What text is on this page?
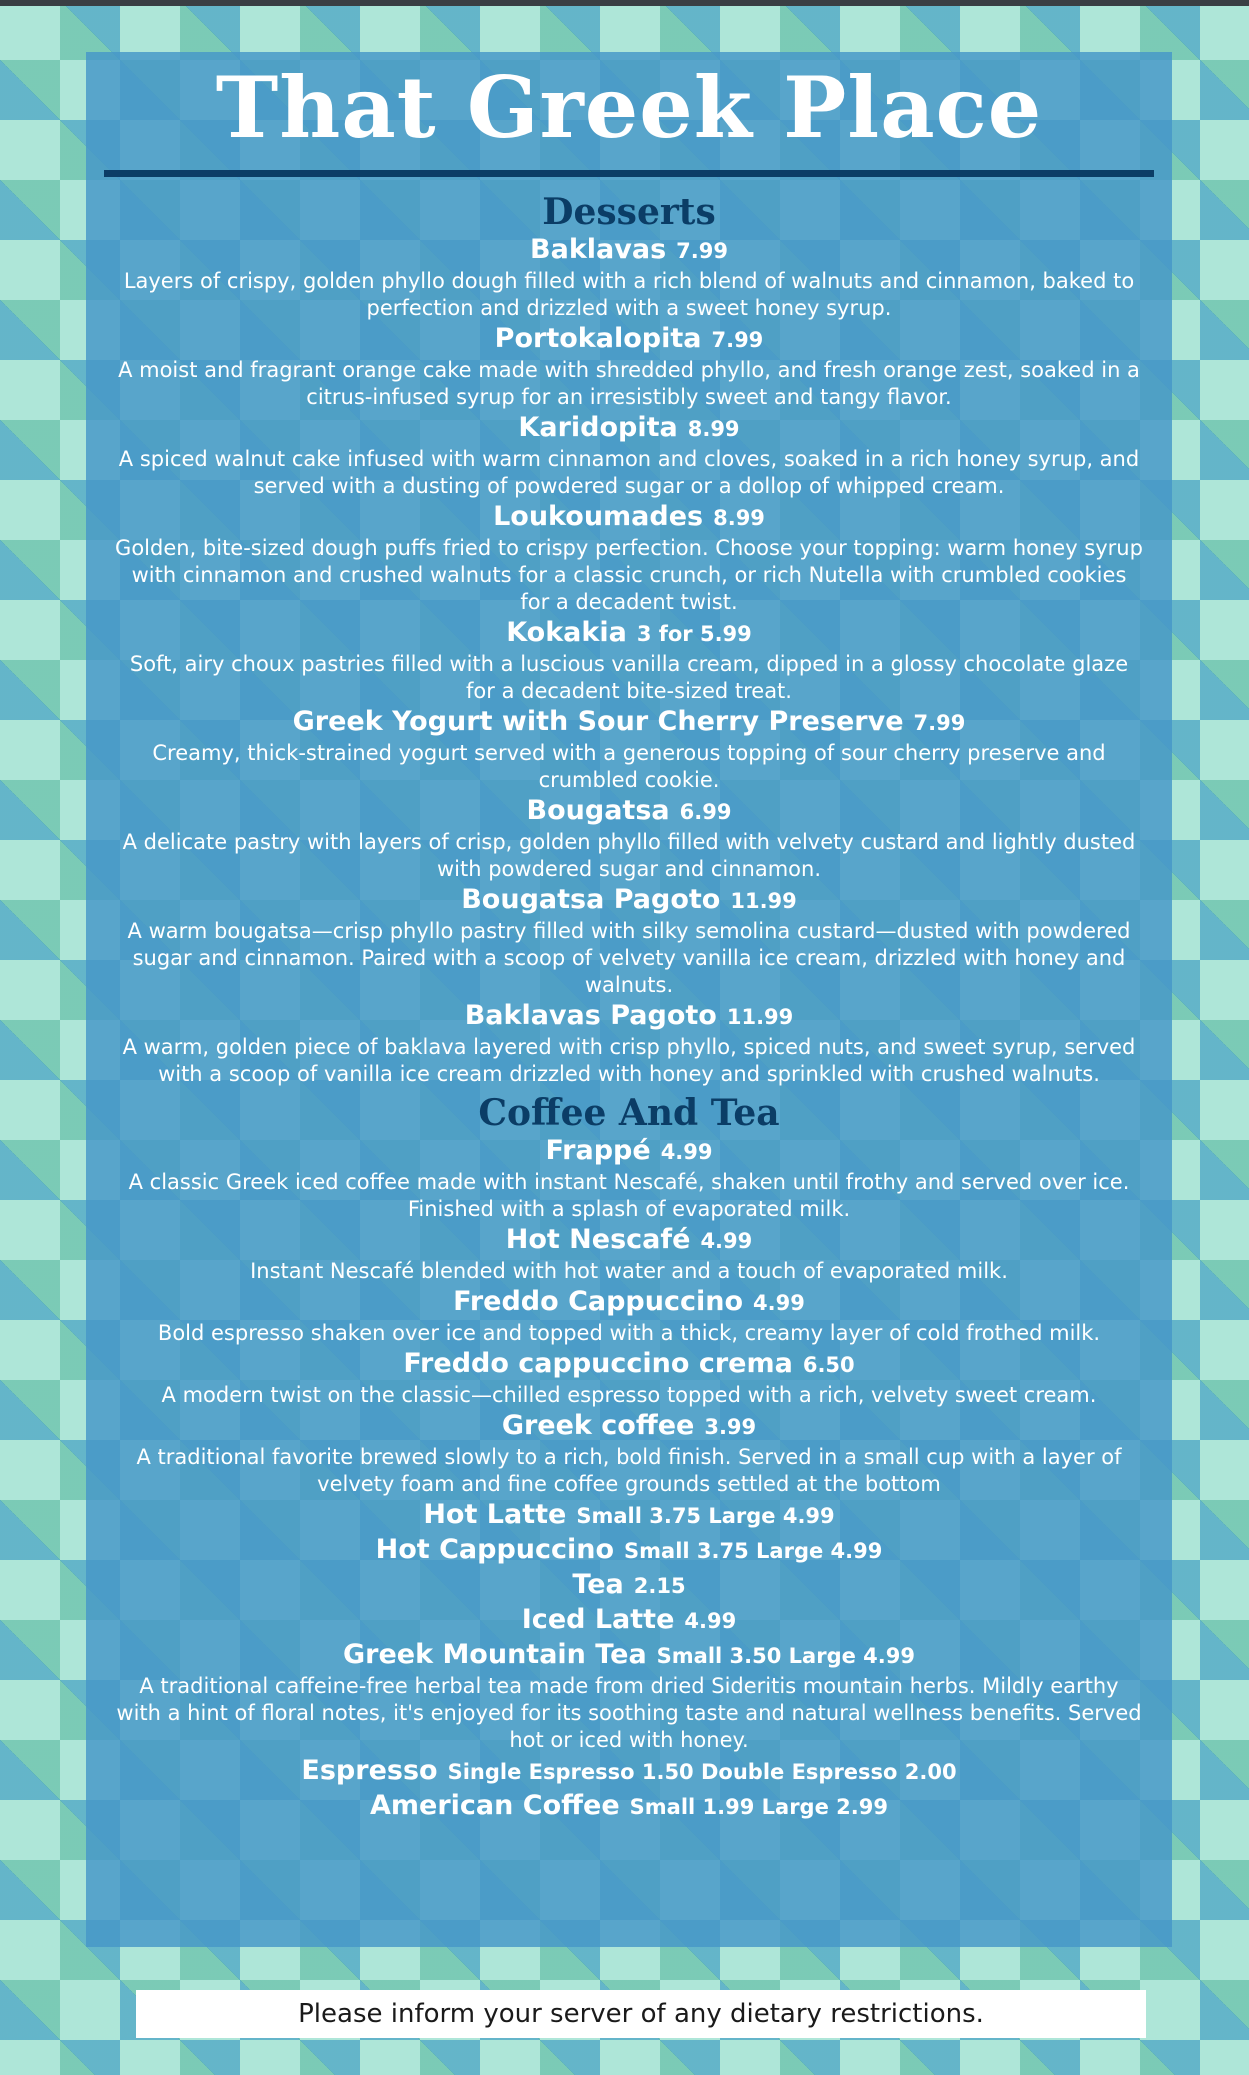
That Greek Place
Desserts
Baklavas 7.99
Layers of crispy, golden phyllo dough filled with a rich blend of walnuts and cinnamon, baked to perfection and drizzled with a sweet honey syrup.
Portokalopita 7.99
A moist and fragrant orange cake made with shredded phyllo, and fresh orange zest, soaked in a citrus-infused syrup for an irresistibly sweet and tangy flavor.
Karidopita 8.99
A spiced walnut cake infused with warm cinnamon and cloves, soaked in a rich honey syrup, and served with a dusting of powdered sugar or a dollop of whipped cream.
Loukoumades 8.99
Golden, bite-sized dough puffs fried to crispy perfection. Choose your topping: warm honey syrup with cinnamon and crushed walnuts for a classic crunch, or rich Nutella with crumbled cookies for a decadent twist.
Kokakia 3 for 5.99
Soft, airy choux pastries filled with a luscious vanilla cream, dipped in a glossy chocolate glaze for a decadent bite-sized treat.
Greek Yogurt with Sour Cherry Preserve 7.99
Creamy, thick-strained yogurt served with a generous topping of sour cherry preserve and crumbled cookie.
Bougatsa 6.99
A delicate pastry with layers of crisp, golden phyllo filled with velvety custard and lightly dusted with powdered sugar and cinnamon.
Bougatsa Pagoto 11.99
A warm bougatsa—crisp phyllo pastry filled with silky semolina custard—dusted with powdered sugar and cinnamon. Paired with a scoop of velvety vanilla ice cream, drizzled with honey and walnuts.
Baklavas Pagoto 11.99
A warm, golden piece of baklava layered with crisp phyllo, spiced nuts, and sweet syrup, served with a scoop of vanilla ice cream drizzled with honey and sprinkled with crushed walnuts.
Coffee And Tea
Frappé 4.99
A classic Greek iced coffee made with instant Nescafé, shaken until frothy and served over ice. Finished with a splash of evaporated milk.
Hot Nescafé 4.99
Instant Nescafé blended with hot water and a touch of evaporated milk.
Freddo Cappuccino 4.99
Bold espresso shaken over ice and topped with a thick, creamy layer of cold frothed milk.
Freddo cappuccino crema 6.50
A modern twist on the classic—chilled espresso topped with a rich, velvety sweet cream.
Greek coffee 3.99
A traditional favorite brewed slowly to a rich, bold finish. Served in a small cup with a layer of velvety foam and fine coffee grounds settled at the bottom
Hot Latte Small 3.75 Large 4.99
Hot Cappuccino Small 3.75 Large 4.99
Tea 2.15
Iced Latte 4.99
Greek Mountain Tea Small 3.50 Large 4.99
A traditional caffeine-free herbal tea made from dried Sideritis mountain herbs. Mildly earthy with a hint of floral notes, it's enjoyed for its soothing taste and natural wellness benefits. Served hot or iced with honey.
Espresso Single Espresso 1.50 Double Espresso 2.00
American Coffee Small 1.99 Large 2.99
Please inform your server of any dietary restrictions.
